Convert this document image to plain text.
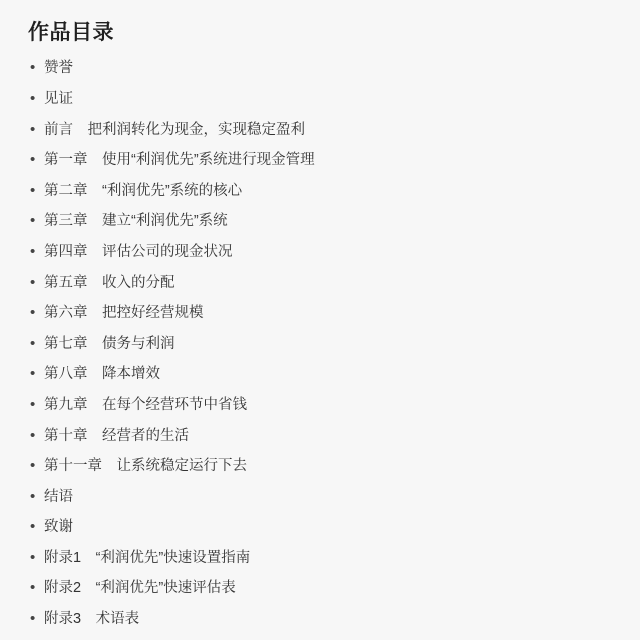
作品目录
• 赞誉
• 见证
• 前言　把利润转化为现金，实现稳定盈利
• 第一章　使用“利润优先”系统进行现金管理
• 第二章　“利润优先”系统的核心
• 第三章　建立“利润优先”系统
• 第四章　评估公司的现金状况
• 第五章　收入的分配
• 第六章　把控好经营规模
• 第七章　债务与利润
• 第八章　降本增效
• 第九章　在每个经营环节中省钱
• 第十章　经营者的生活
• 第十一章　让系统稳定运行下去
• 结语
• 致谢
• 附录1　“利润优先”快速设置指南
• 附录2　“利润优先”快速评估表
• 附录3　术语表
